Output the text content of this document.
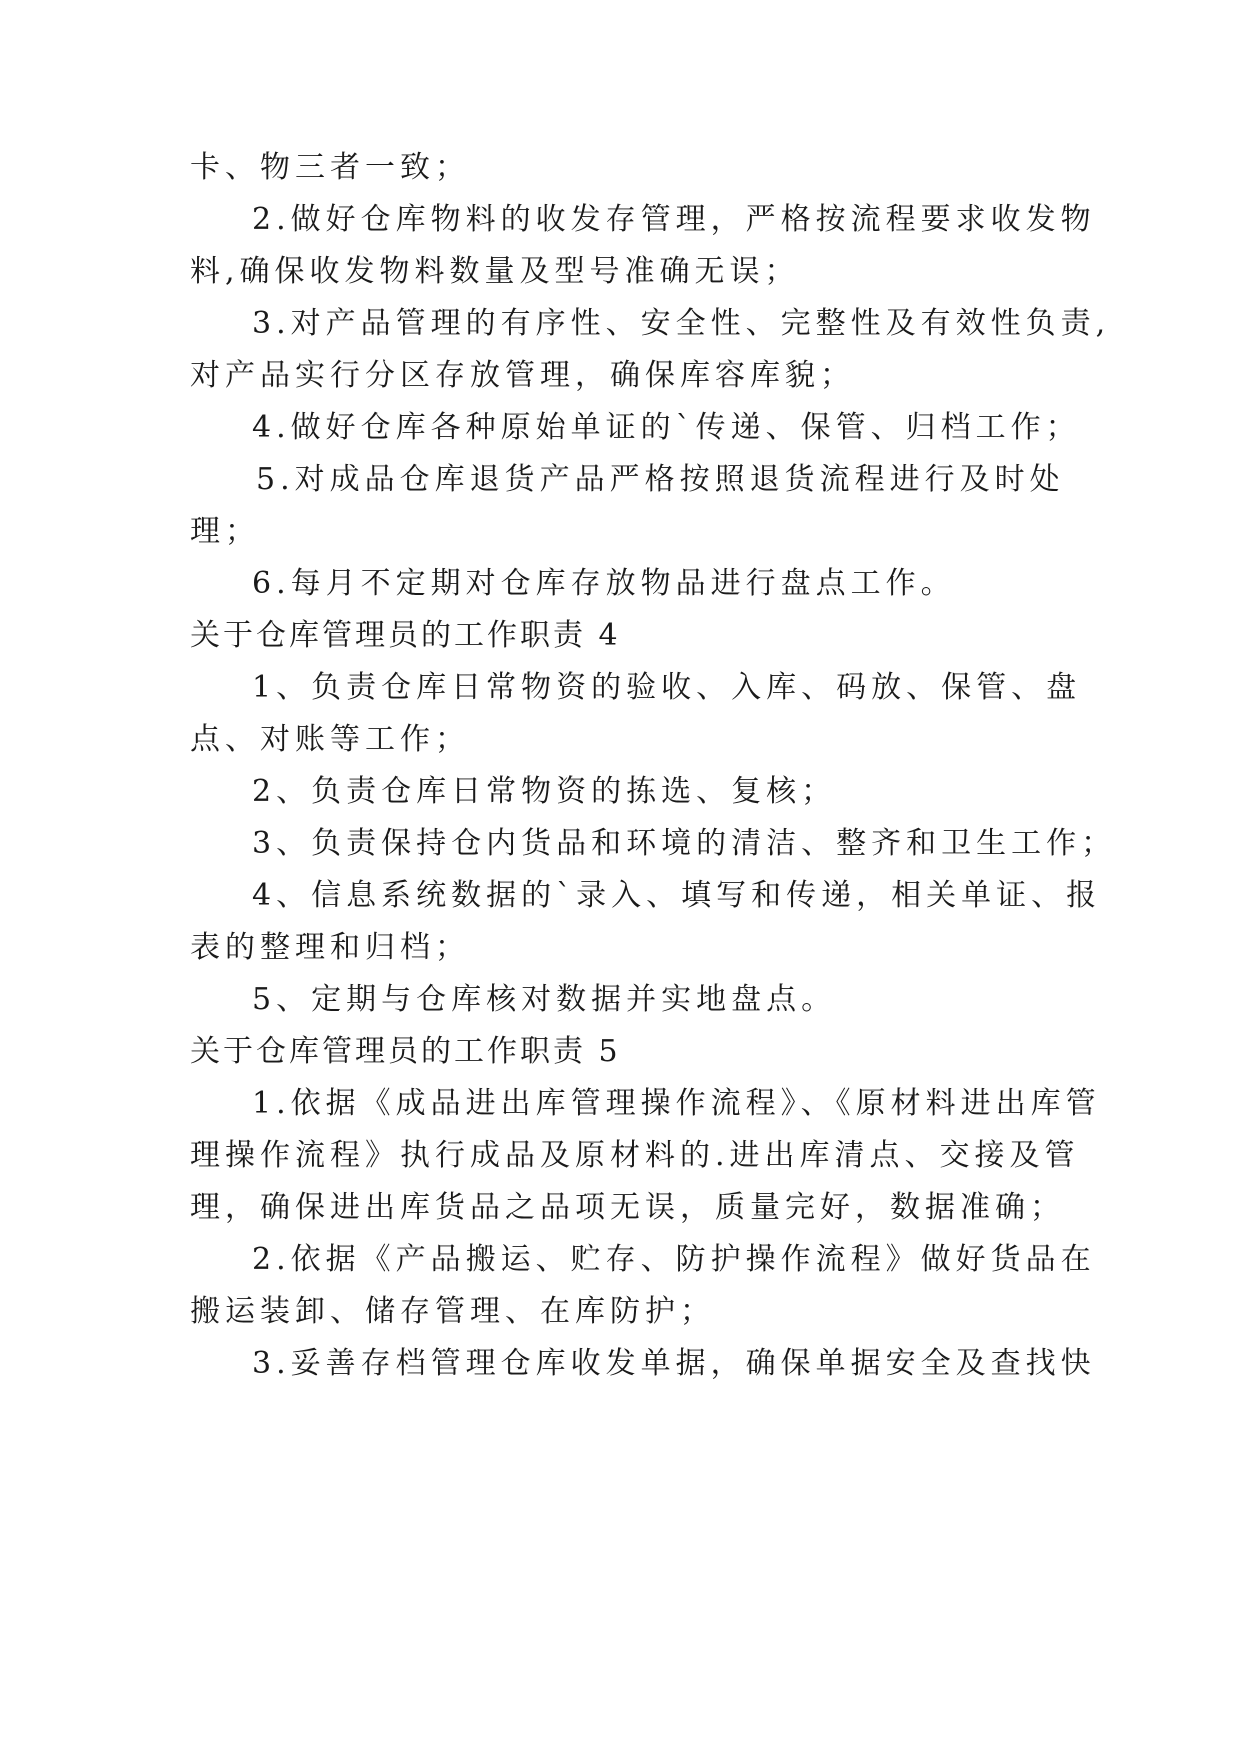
卡、物三者一致；
2.做好仓库物料的收发存管理，严格按流程要求收发物
料,确保收发物料数量及型号准确无误；
3.对产品管理的有序性、安全性、完整性及有效性负责,
对产品实行分区存放管理，确保库容库貌；
4.做好仓库各种原始单证的`传递、保管、归档工作；
5.对成品仓库退货产品严格按照退货流程进行及时处
理；
6.每月不定期对仓库存放物品进行盘点工作。
关于仓库管理员的工作职责 4
1、负责仓库日常物资的验收、入库、码放、保管、盘
点、对账等工作；
2、负责仓库日常物资的拣选、复核；
3、负责保持仓内货品和环境的清洁、整齐和卫生工作；
4、信息系统数据的`录入、填写和传递，相关单证、报
表的整理和归档；
5、定期与仓库核对数据并实地盘点。
关于仓库管理员的工作职责 5
1.依据《成品进出库管理操作流程》、《原材料进出库管
理操作流程》执行成品及原材料的.进出库清点、交接及管
理，确保进出库货品之品项无误，质量完好，数据准确；
2.依据《产品搬运、贮存、防护操作流程》做好货品在
搬运装卸、储存管理、在库防护；
3.妥善存档管理仓库收发单据，确保单据安全及查找快
